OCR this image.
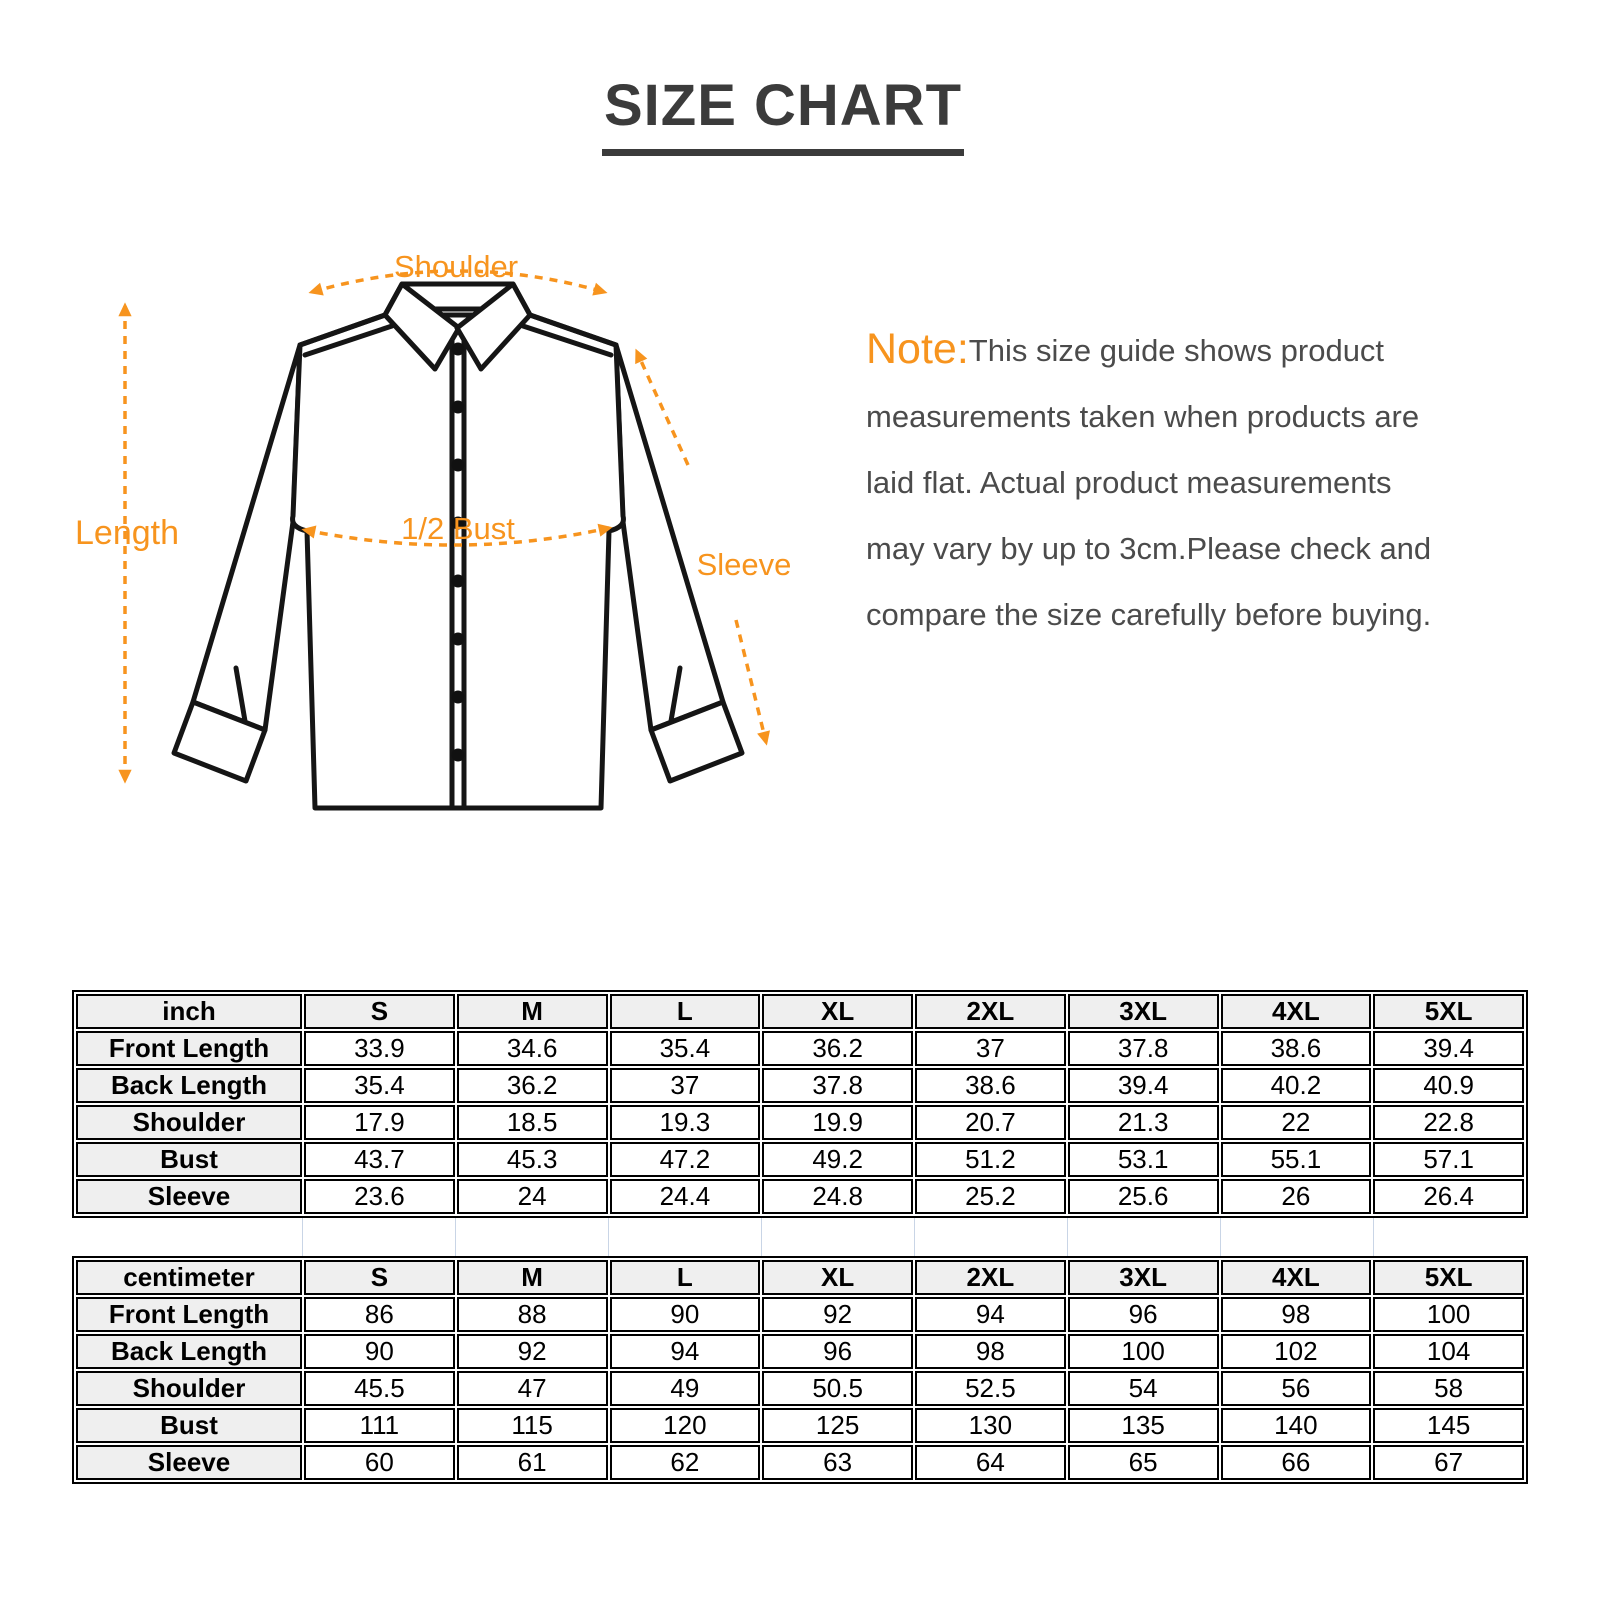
SIZE CHART
Shoulder
Length	1/2 Bust
Sleeve
Note:This size guide shows product
measurements taken when products are
laid flat. Actual product measurements
may vary by up to 3cm.Please check and
compare the size carefully before buying.
inch	S	M	L	XL	2XL	3XL	4XL	5XL
Front Length	33.9	34.6	35.4	36.2	37	37.8	38.6	39.4
Back Length	35.4	36.2	37	37.8	38.6	39.4	40.2	40.9
Shoulder	17.9	18.5	19.3	19.9	20.7	21.3	22	22.8
Bust	43.7	45.3	47.2	49.2	51.2	53.1	55.1	57.1
Sleeve	23.6	24	24.4	24.8	25.2	25.6	26	26.4
centimeter	S	M	L	XL	2XL	3XL	4XL	5XL
Front Length	86	88	90	92	94	96	98	100
Back Length	90	92	94	96	98	100	102	104
Shoulder	45.5	47	49	50.5	52.5	54	56	58
Bust	111	115	120	125	130	135	140	145
Sleeve	60	61	62	63	64	65	66	67
